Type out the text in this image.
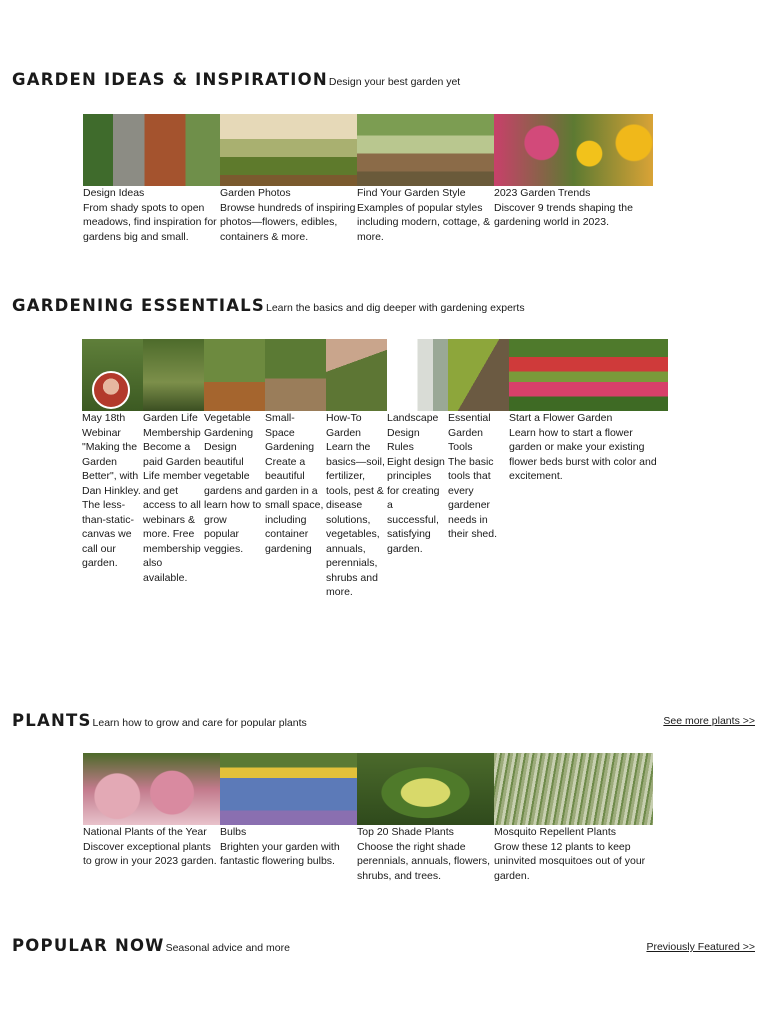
GARDEN IDEAS & INSPIRATION Design your best garden yet
Design Ideas
From shady spots to open meadows, find inspiration for gardens big and small.
Garden Photos
Browse hundreds of inspiring photos—flowers, edibles, containers & more.
Find Your Garden Style
Examples of popular styles including modern, cottage, & more.
2023 Garden Trends
Discover 9 trends shaping the gardening world in 2023.
GARDENING ESSENTIALS Learn the basics and dig deeper with gardening experts
May 18th Webinar
"Making the Garden Better", with Dan Hinkley. The less-than-static-canvas we call our garden.
Garden Life Membership
Become a paid Garden Life member and get access to all webinars & more. Free membership also available.
Vegetable Gardening
Design beautiful vegetable gardens and learn how to grow popular veggies.
Small-Space Gardening
Create a beautiful garden in a small space, including container gardening
How-To Garden
Learn the basics—soil, fertilizer, tools, pest & disease solutions, vegetables, annuals, perennials, shrubs and more.
Landscape Design Rules
Eight design principles for creating a successful, satisfying garden.
Essential Garden Tools
The basic tools that every gardener needs in their shed.
Start a Flower Garden
Learn how to start a flower garden or make your existing flower beds burst with color and excitement.
PLANTS Learn how to grow and care for popular plants	See more plants >>
National Plants of the Year
Discover exceptional plants to grow in your 2023 garden.
Bulbs
Brighten your garden with fantastic flowering bulbs.
Top 20 Shade Plants
Choose the right shade perennials, annuals, flowers, shrubs, and trees.
Mosquito Repellent Plants
Grow these 12 plants to keep uninvited mosquitoes out of your garden.
POPULAR NOW Seasonal advice and more	Previously Featured >>
